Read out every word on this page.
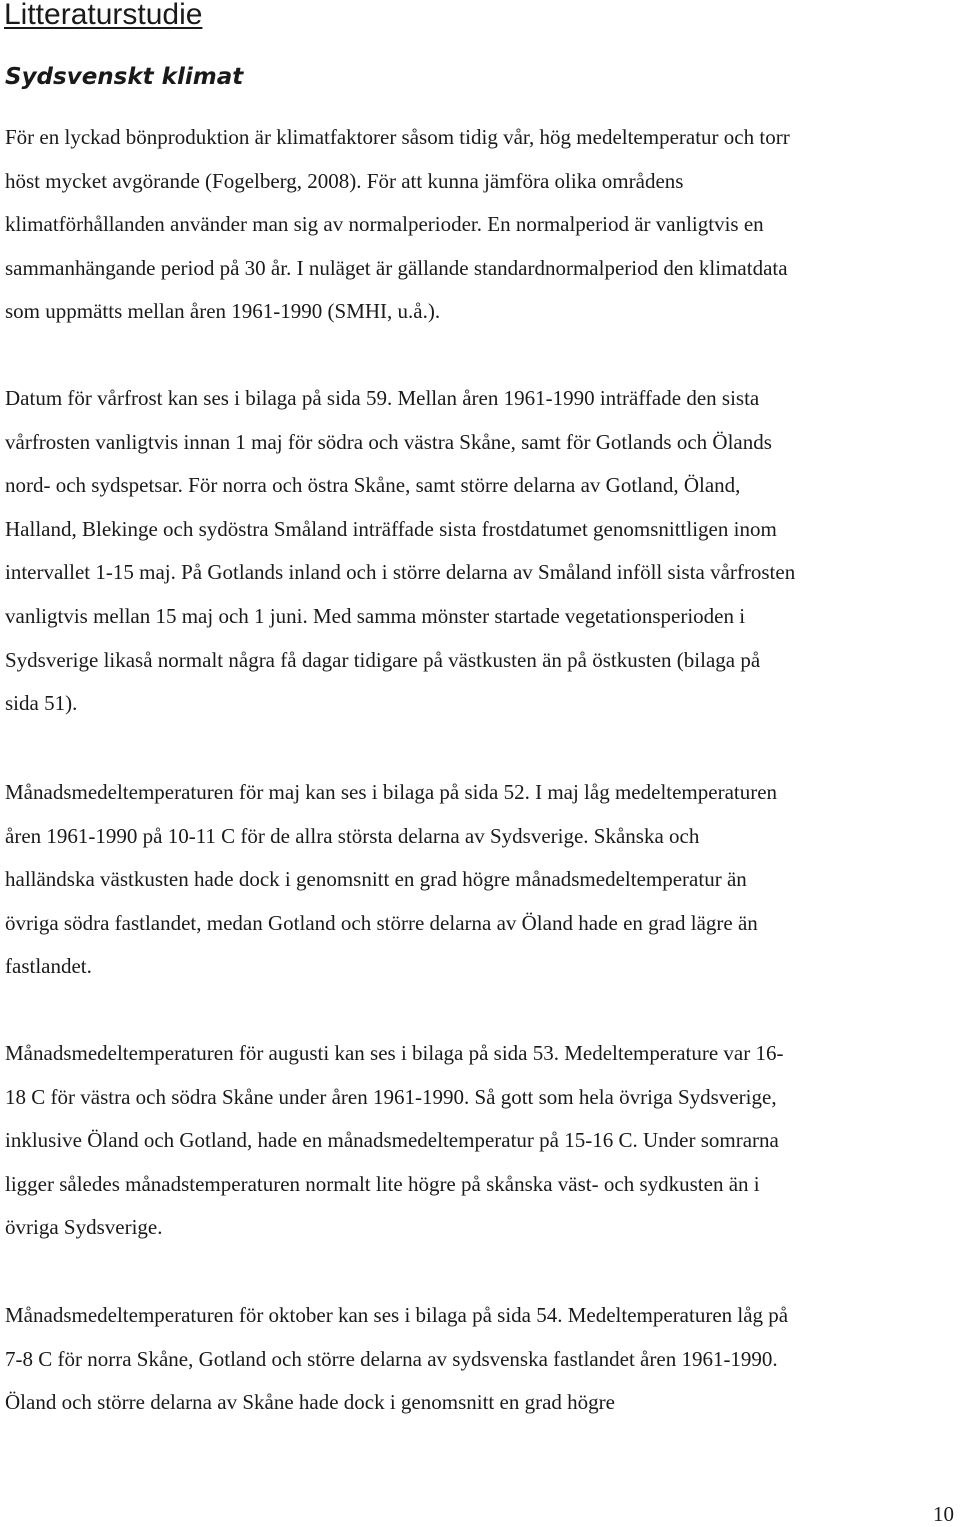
Litteraturstudie
Sydsvenskt klimat
För en lyckad bönproduktion är klimatfaktorer såsom tidig vår, hög medeltemperatur och torr
höst mycket avgörande (Fogelberg, 2008). För att kunna jämföra olika områdens
klimatförhållanden använder man sig av normalperioder. En normalperiod är vanligtvis en
sammanhängande period på 30 år. I nuläget är gällande standardnormalperiod den klimatdata
som uppmätts mellan åren 1961-1990 (SMHI, u.å.).
Datum för vårfrost kan ses i bilaga på sida 59. Mellan åren 1961-1990 inträffade den sista
vårfrosten vanligtvis innan 1 maj för södra och västra Skåne, samt för Gotlands och Ölands
nord- och sydspetsar. För norra och östra Skåne, samt större delarna av Gotland, Öland,
Halland, Blekinge och sydöstra Småland inträffade sista frostdatumet genomsnittligen inom
intervallet 1-15 maj. På Gotlands inland och i större delarna av Småland inföll sista vårfrosten
vanligtvis mellan 15 maj och 1 juni. Med samma mönster startade vegetationsperioden i
Sydsverige likaså normalt några få dagar tidigare på västkusten än på östkusten (bilaga på
sida 51).
Månadsmedeltemperaturen för maj kan ses i bilaga på sida 52. I maj låg medeltemperaturen
åren 1961-1990 på 10-11 C för de allra största delarna av Sydsverige. Skånska och
halländska västkusten hade dock i genomsnitt en grad högre månadsmedeltemperatur än
övriga södra fastlandet, medan Gotland och större delarna av Öland hade en grad lägre än
fastlandet.
Månadsmedeltemperaturen för augusti kan ses i bilaga på sida 53. Medeltemperature var 16-
18 C för västra och södra Skåne under åren 1961-1990. Så gott som hela övriga Sydsverige,
inklusive Öland och Gotland, hade en månadsmedeltemperatur på 15-16 C. Under somrarna
ligger således månadstemperaturen normalt lite högre på skånska väst- och sydkusten än i
övriga Sydsverige.
Månadsmedeltemperaturen för oktober kan ses i bilaga på sida 54. Medeltemperaturen låg på
7-8 C för norra Skåne, Gotland och större delarna av sydsvenska fastlandet åren 1961-1990.
Öland och större delarna av Skåne hade dock i genomsnitt en grad högre
10
